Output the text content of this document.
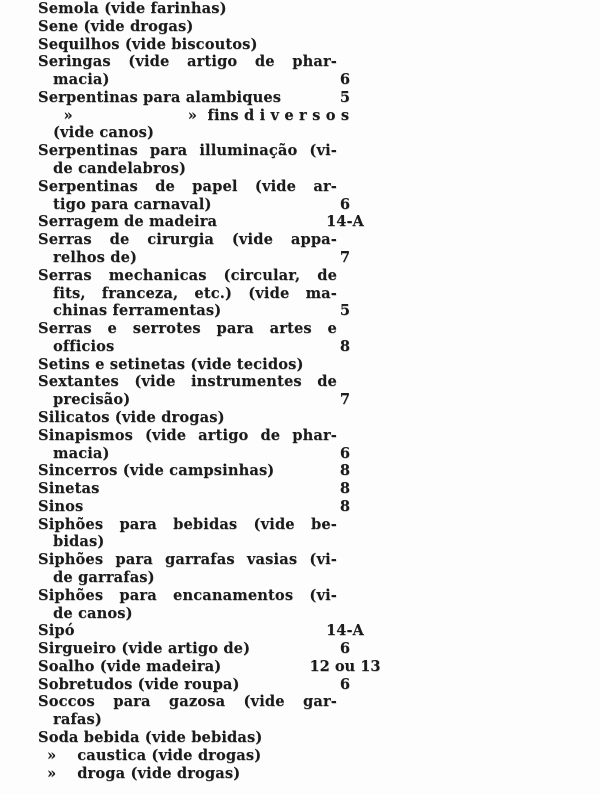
Semola (vide farinhas)
Sene (vide drogas)
Sequilhos (vide biscoutos)
Seringas (vide artigo de phar-
macia)	6
Serpentinas para alambiques	5
»                      »  fins d i v e r s o s
(vide canos)
Serpentinas para illuminação (vi-
de candelabros)
Serpentinas de papel (vide ar-
tigo para carnaval)	6
Serragem de madeira	14-A
Serras de cirurgia (vide appa-
relhos de)	7
Serras mechanicas (circular, de
fits, franceza, etc.) (vide ma-
chinas ferramentas)	5
Serras e serrotes para artes e
officios	8
Setins e setinetas (vide tecidos)
Sextantes (vide instrumentes de
precisão)	7
Silicatos (vide drogas)
Sinapismos (vide artigo de phar-
macia)	6
Sincerros (vide campsinhas)	8
Sinetas	8
Sinos	8
Siphões para bebidas (vide be-
bidas)
Siphões para garrafas vasias (vi-
de garrafas)
Siphões para encanamentos (vi-
de canos)
Sipó	14-A
Sirgueiro (vide artigo de)	6
Soalho (vide madeira)	12 ou 13
Sobretudos (vide roupa)	6
Soccos para gazosa (vide gar-
rafas)
Soda bebida (vide bebidas)
»    caustica (vide drogas)
»    droga (vide drogas)
